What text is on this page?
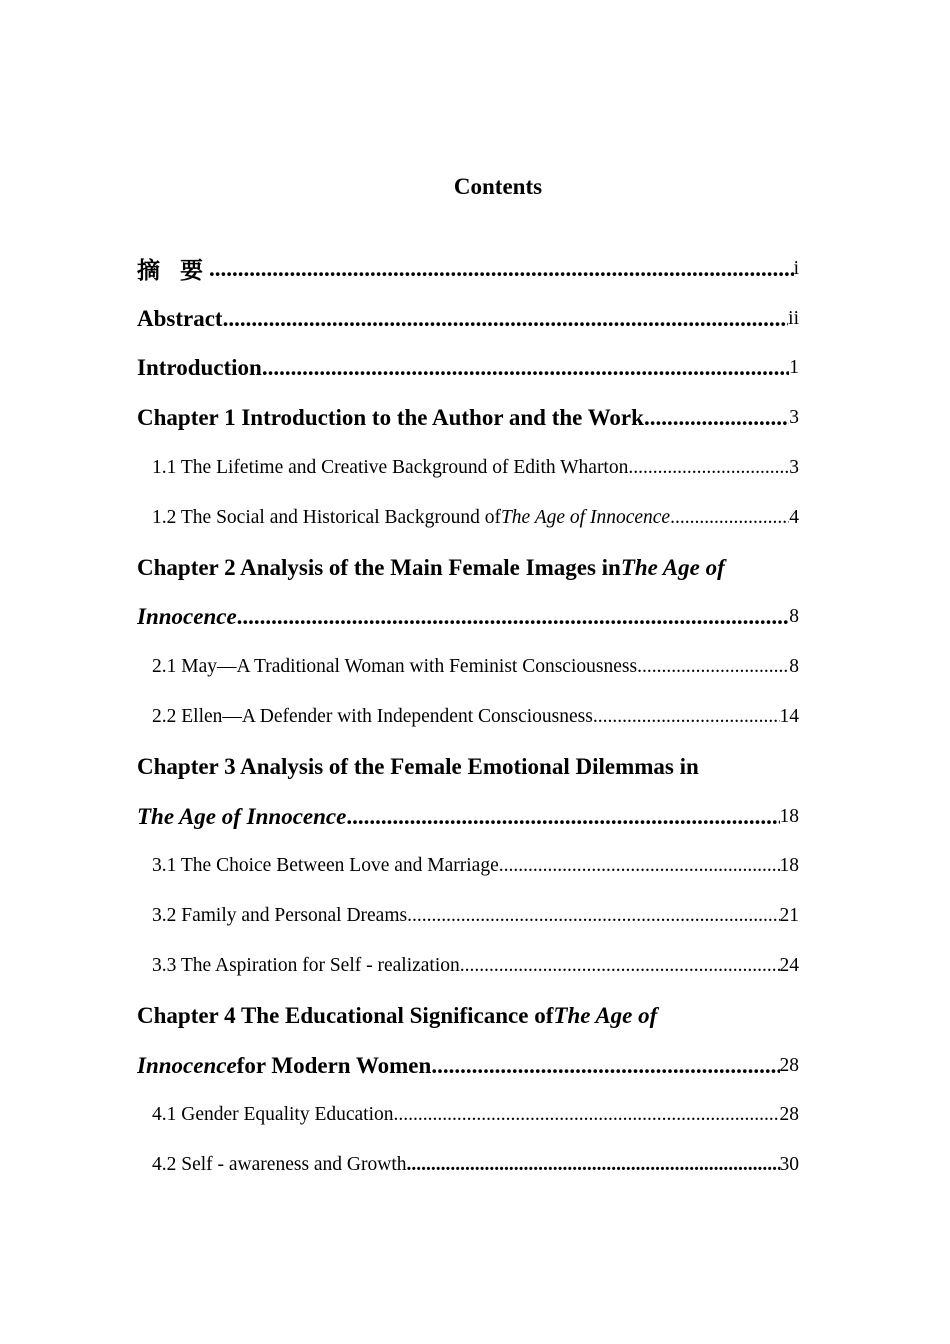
Contents
摘 要 .....	i
Abstract .....	ii
Introduction .....	1
Chapter 1 Introduction to the Author and the Work .....	3
1.1 The Lifetime and Creative Background of Edith Wharton .....	3
1.2 The Social and Historical Background of The Age of Innocence .....	4
Chapter 2 Analysis of the Main Female Images in The Age of
Innocence .....	8
2.1 May—A Traditional Woman with Feminist Consciousness .....	8
2.2 Ellen—A Defender with Independent Consciousness .....	14
Chapter 3 Analysis of the Female Emotional Dilemmas in
The Age of Innocence .....	18
3.1 The Choice Between Love and Marriage .....	18
3.2 Family and Personal Dreams .....	21
3.3 The Aspiration for Self - realization .....	24
Chapter 4 The Educational Significance of The Age of
Innocence for Modern Women .....	28
4.1 Gender Equality Education .....	28
4.2 Self - awareness and Growth .....	30
